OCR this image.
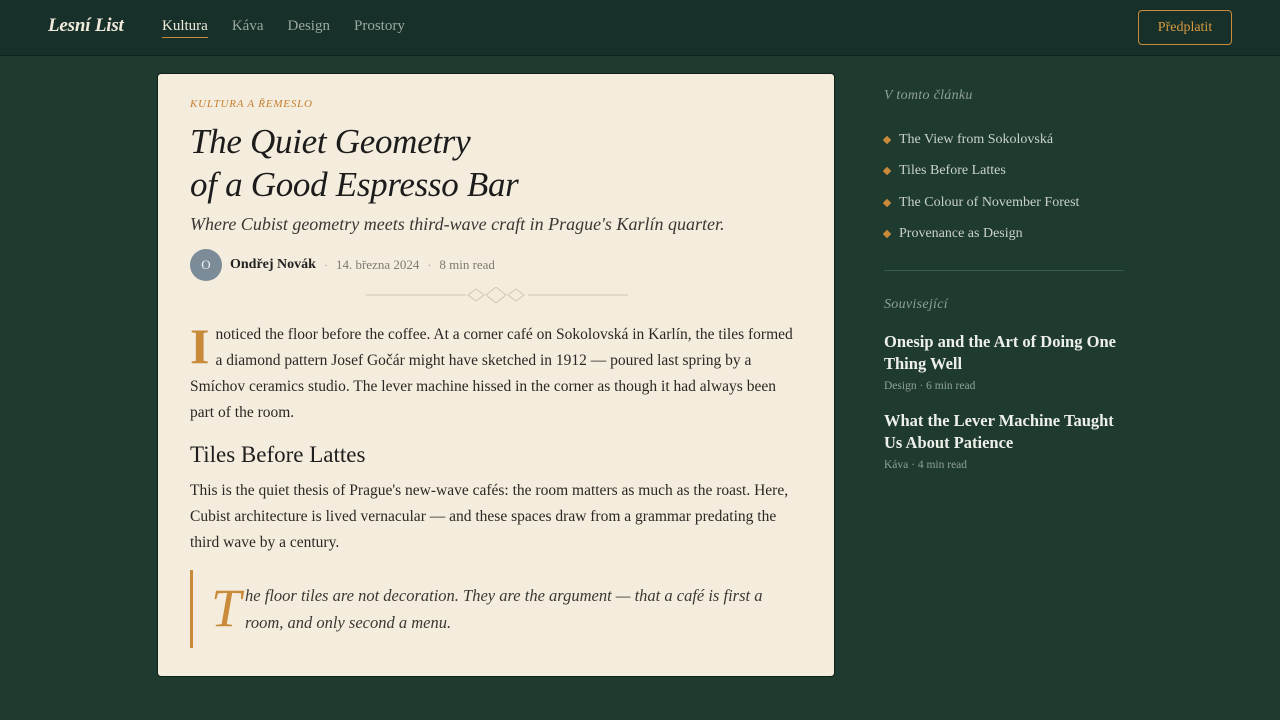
Lesní List	Kultura Káva Design Prostory	Předplatit
KULTURA A ŘEMESLO
The Quiet Geometry
of a Good Espresso Bar

Where Cubist geometry meets third-wave craft in Prague's Karlín quarter.

O	Ondřej Novák · 14. března 2024 · 8 min read

Inoticed the floor before the coffee. At a corner café on Sokolovská in Karlín, the tiles formed a diamond pattern Josef Gočár might have sketched in 1912 — poured last spring by a Smíchov ceramics studio. The lever machine hissed in the corner as though it had always been part of the room.

Tiles Before Lattes

This is the quiet thesis of Prague's new-wave cafés: the room matters as much as the roast. Here, Cubist architecture is lived vernacular — and these spaces draw from a grammar predating the third wave by a century.

The floor tiles are not decoration. They are the argument — that a café is first a room, and only second a menu.
V tomto článku
The View from Sokolovská
Tiles Before Lattes
The Colour of November Forest
Provenance as Design
Související
Onesip and the Art of Doing One Thing Well
Design · 6 min read
What the Lever Machine Taught Us About Patience
Káva · 4 min read
